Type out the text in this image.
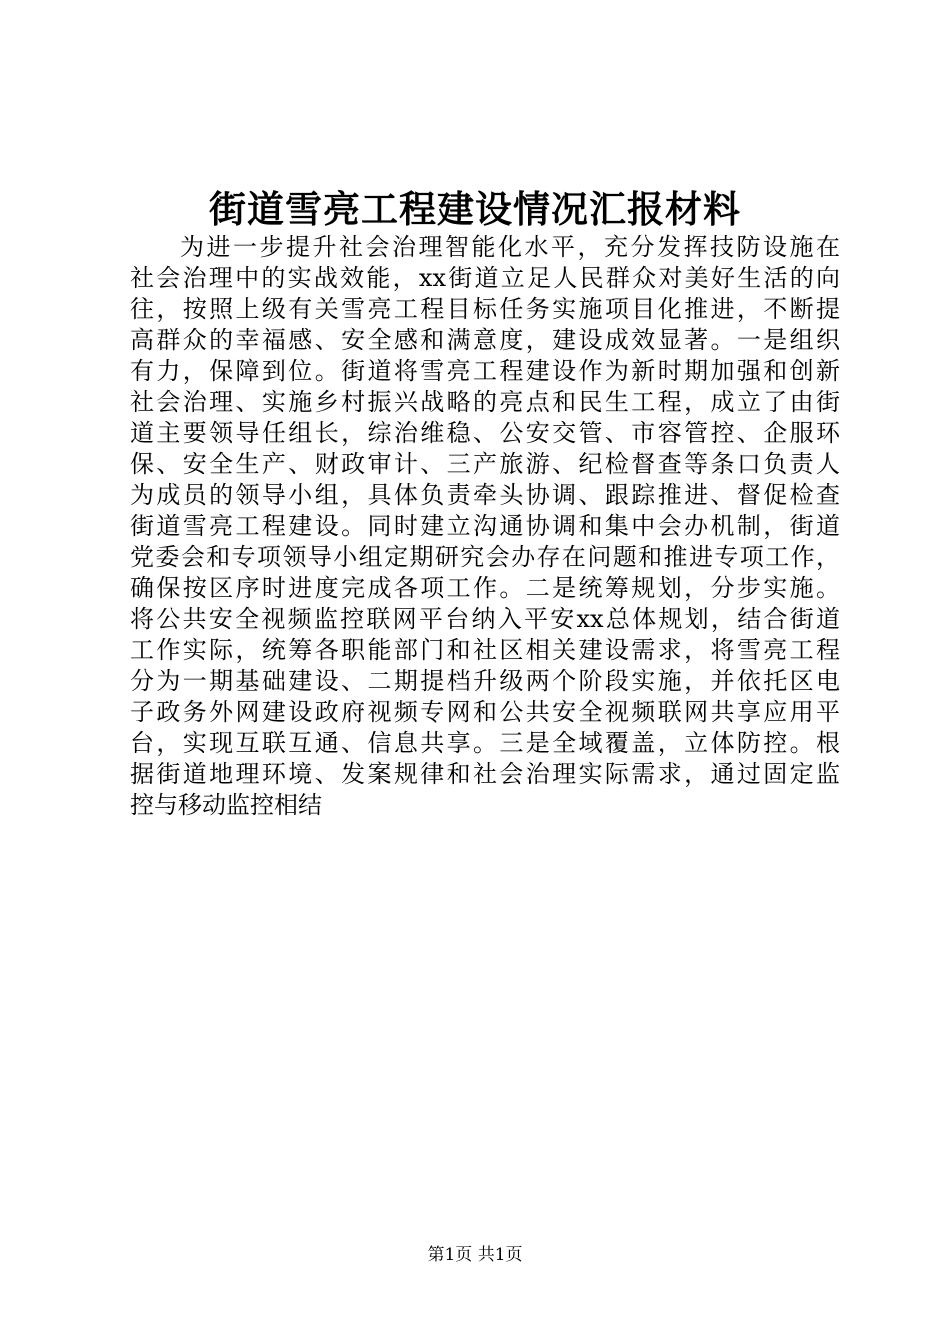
街道雪亮工程建设情况汇报材料
为进一步提升社会治理智能化水平，充分发挥技防设施在
社会治理中的实战效能，xx街道立足人民群众对美好生活的向
往，按照上级有关雪亮工程目标任务实施项目化推进，不断提
高群众的幸福感、安全感和满意度，建设成效显著。一是组织
有力，保障到位。街道将雪亮工程建设作为新时期加强和创新
社会治理、实施乡村振兴战略的亮点和民生工程，成立了由街
道主要领导任组长，综治维稳、公安交管、市容管控、企服环
保、安全生产、财政审计、三产旅游、纪检督查等条口负责人
为成员的领导小组，具体负责牵头协调、跟踪推进、督促检查
街道雪亮工程建设。同时建立沟通协调和集中会办机制，街道
党委会和专项领导小组定期研究会办存在问题和推进专项工作，
确保按区序时进度完成各项工作。二是统筹规划，分步实施。
将公共安全视频监控联网平台纳入平安xx总体规划，结合街道
工作实际，统筹各职能部门和社区相关建设需求，将雪亮工程
分为一期基础建设、二期提档升级两个阶段实施，并依托区电
子政务外网建设政府视频专网和公共安全视频联网共享应用平
台，实现互联互通、信息共享。三是全域覆盖，立体防控。根
据街道地理环境、发案规律和社会治理实际需求，通过固定监
控与移动监控相结
第1页 共1页
